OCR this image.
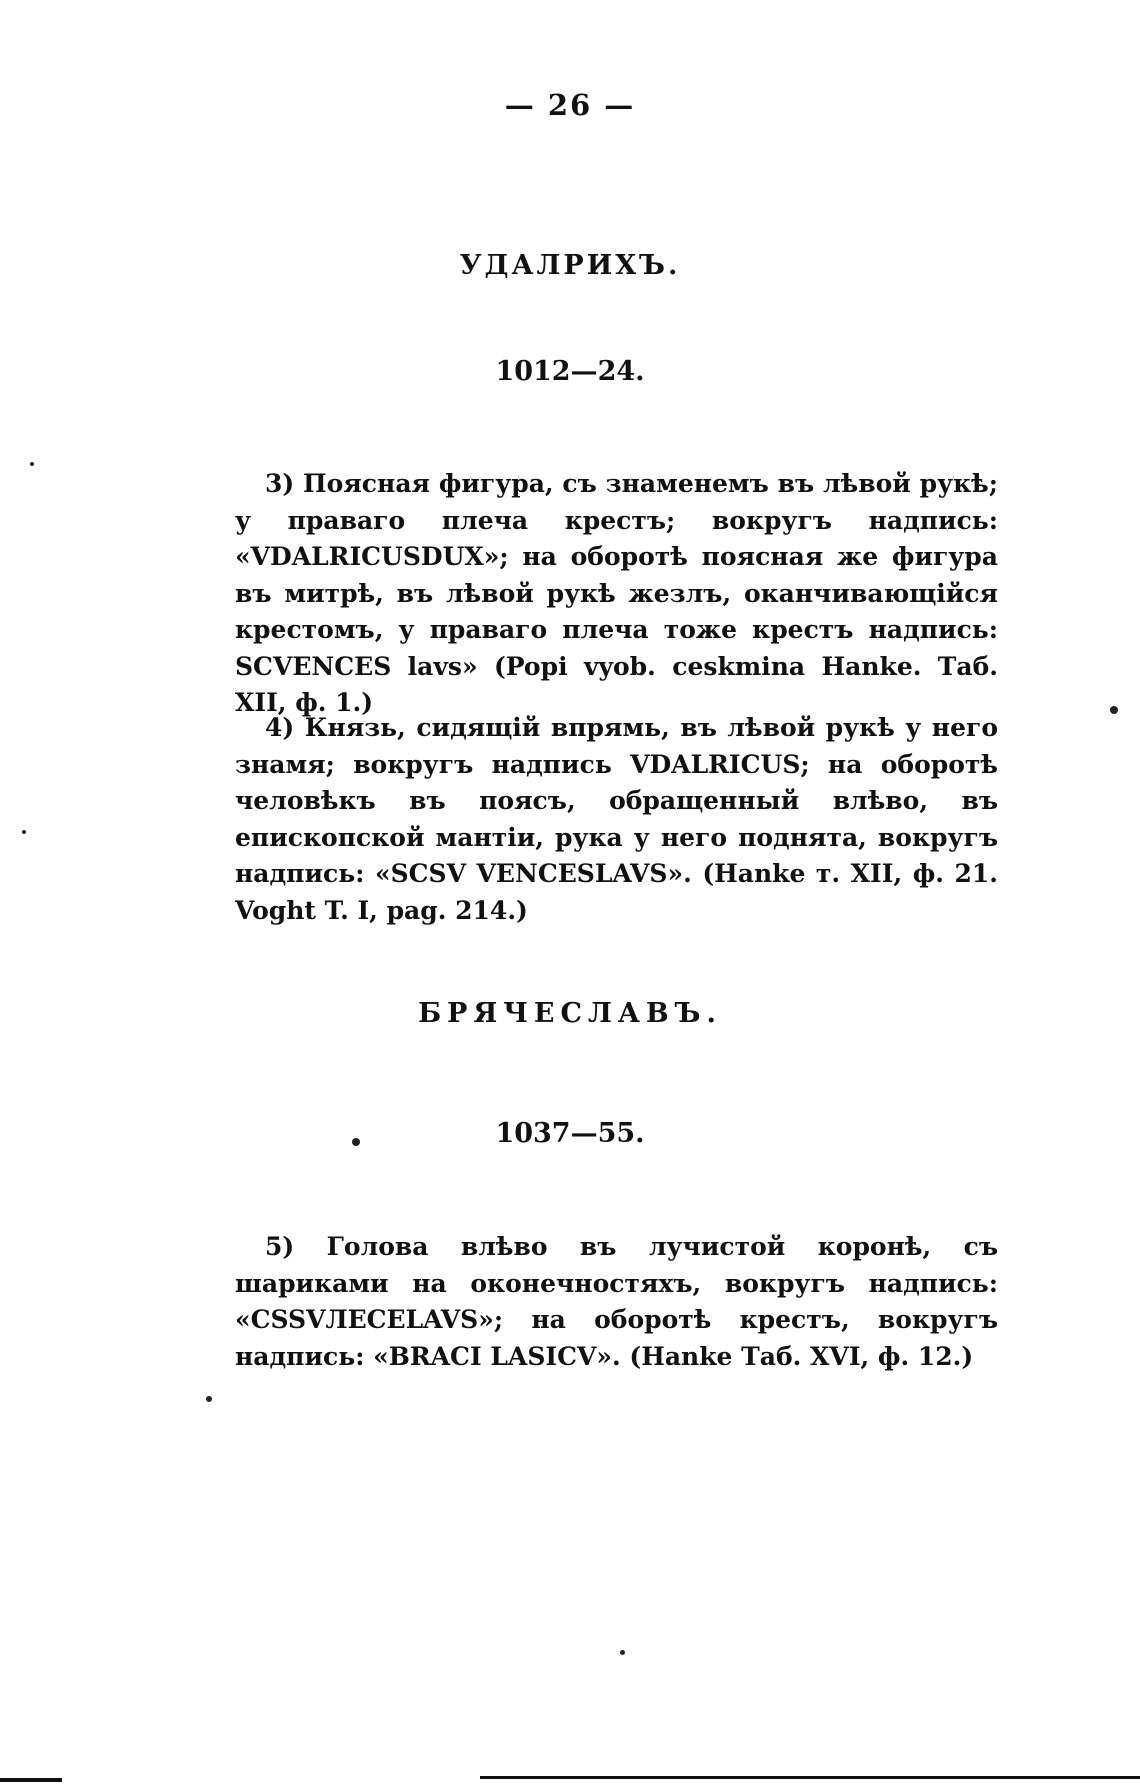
— 26 —
УДАЛРИХЪ.
1012—24.

3) Поясная фигура, съ знаменемъ въ лѣвой рукѣ; у праваго плеча крестъ; вокругъ надпись: «VDALRICUSDUX»; на оборотѣ поясная же фигура въ митрѣ, въ лѣвой рукѣ жезлъ, оканчивающійся крестомъ, у праваго плеча тоже крестъ надпись: SCVENCES lavs» (Popi vyob. ceskmina Hanke. Таб. XII, ф. 1.)

4) Князь, сидящій впрямь, въ лѣвой рукѣ у него знамя; вокругъ надпись VDALRICUS; на оборотѣ человѣкъ въ поясъ, обращенный влѣво, въ епископской мантіи, рука у него поднята, вокругъ надпись: «SCSV VENCESLAVS». (Hanke т. XII, ф. 21. Voght T. I, pag. 214.)

БРЯЧЕСЛАВЪ.
1037—55.

5) Голова влѣво въ лучистой коронѣ, съ шариками на оконечностяхъ, вокругъ надпись: «CSSVЛECELAVS»; на оборотѣ крестъ, вокругъ надпись: «BRACI LASICV». (Hanke Таб. XVI, ф. 12.)
